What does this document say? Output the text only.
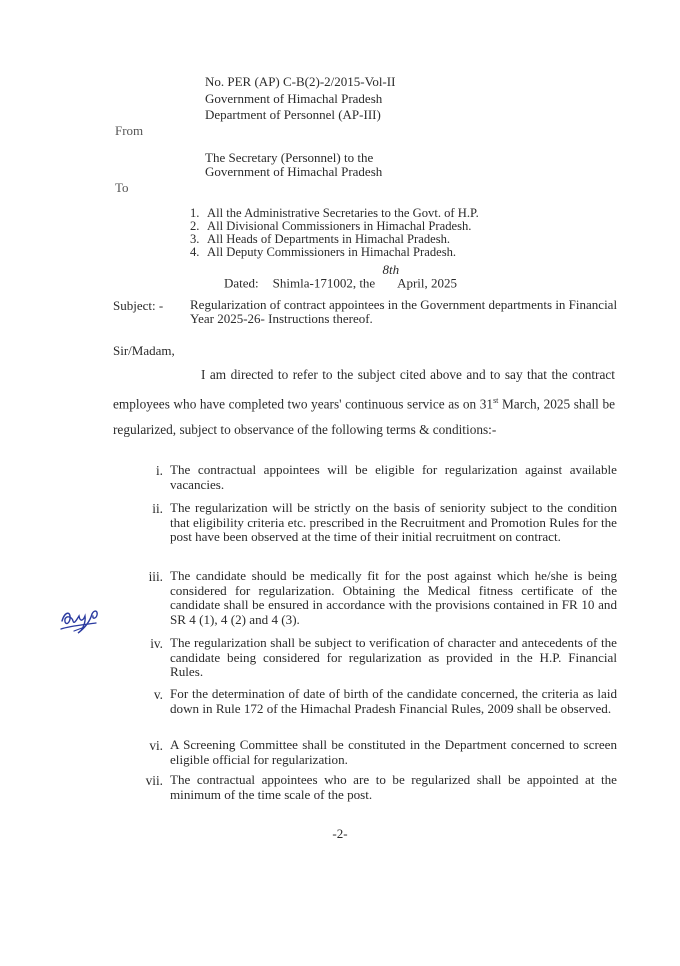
No. PER (AP) C-B(2)-2/2015-Vol-II
Government of Himachal Pradesh
Department of Personnel (AP-III)
From
The Secretary (Personnel) to the
Government of Himachal Pradesh
To
1. All the Administrative Secretaries to the Govt. of H.P.
2. All Divisional Commissioners in Himachal Pradesh.
3. All Heads of Departments in Himachal Pradesh.
4. All Deputy Commissioners in Himachal Pradesh.
Dated: Shimla-171002, the $^{8th}$April, 2025
Subject: - Regularization of contract appointees in the Government departments in Financial Year 2025-26- Instructions thereof.
Sir/Madam,
I am directed to refer to the subject cited above and to say that the contract employees who have completed two years' continuous service as on 31st March, 2025 shall be regularized, subject to observance of the following terms & conditions:-
i. The contractual appointees will be eligible for regularization against available vacancies.
ii. The regularization will be strictly on the basis of seniority subject to the condition that eligibility criteria etc. prescribed in the Recruitment and Promotion Rules for the post have been observed at the time of their initial recruitment on contract.
iii. The candidate should be medically fit for the post against which he/she is being considered for regularization. Obtaining the Medical fitness certificate of the candidate shall be ensured in accordance with the provisions contained in FR 10 and SR 4 (1), 4 (2) and 4 (3).
iv. The regularization shall be subject to verification of character and antecedents of the candidate being considered for regularization as provided in the H.P. Financial Rules.
v. For the determination of date of birth of the candidate concerned, the criteria as laid down in Rule 172 of the Himachal Pradesh Financial Rules, 2009 shall be observed.
vi. A Screening Committee shall be constituted in the Department concerned to screen eligible official for regularization.
vii. The contractual appointees who are to be regularized shall be appointed at the minimum of the time scale of the post.
-2-
